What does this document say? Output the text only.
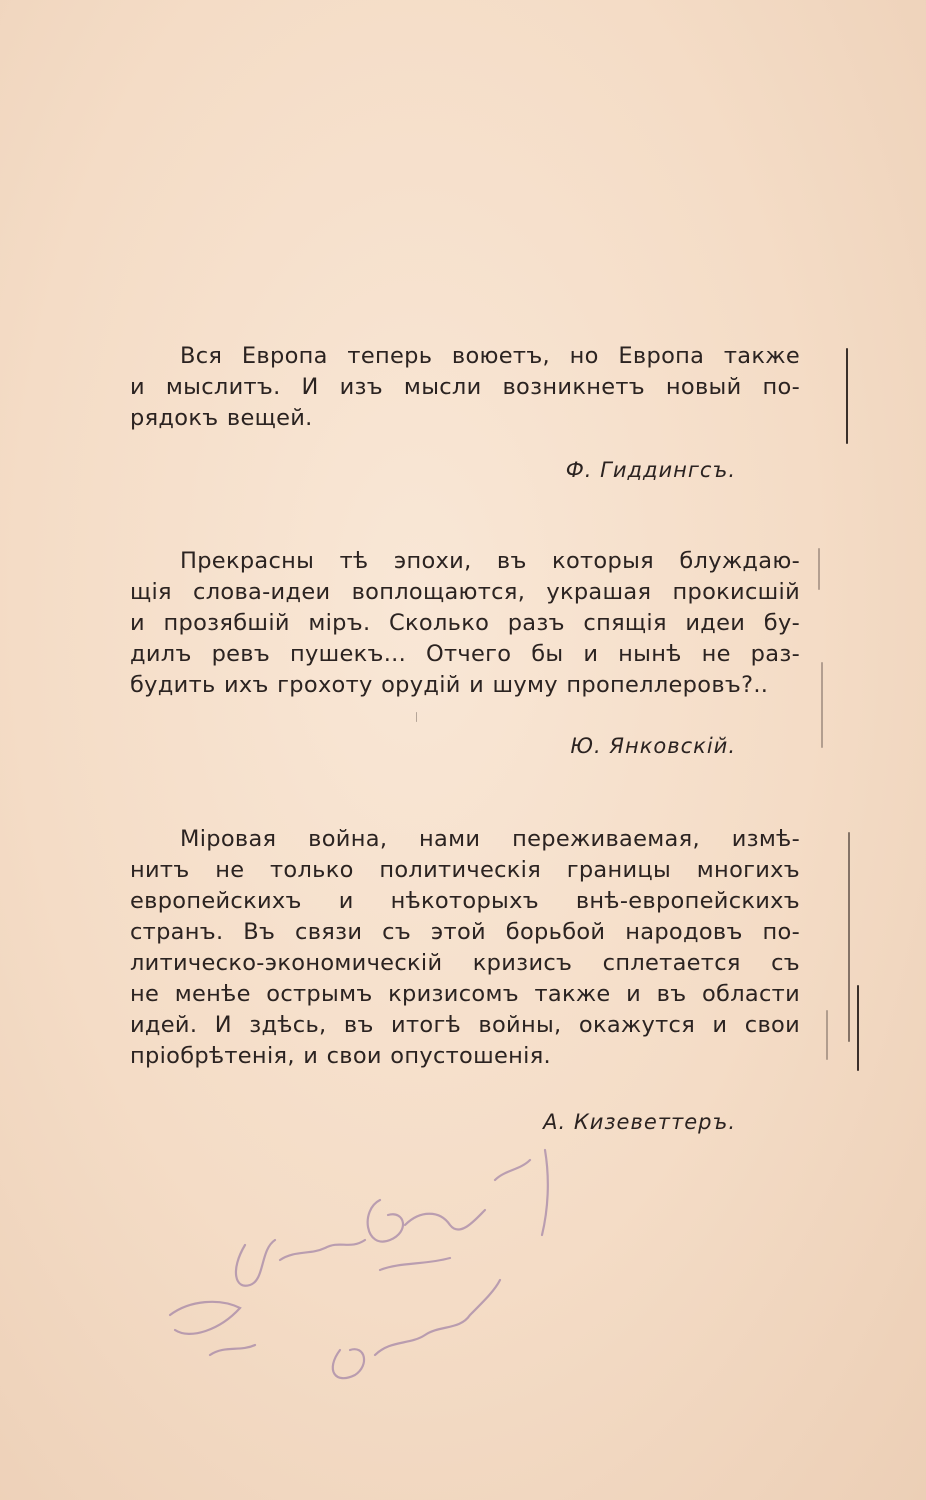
Вся Европа теперь воюетъ, но Европа также
и мыслитъ. И изъ мысли возникнетъ новый по-
рядокъ вещей.

Ф. Гиддингсъ.

Прекрасны тѣ эпохи, въ которыя блуждаю-
щія слова-идеи воплощаются, украшая прокисшій
и прозябшій міръ. Сколько разъ спящія идеи бу-
дилъ ревъ пушекъ... Отчего бы и нынѣ не раз-
будить ихъ грохоту орудій и шуму пропеллеровъ?..

Ю. Янковскій.

Міровая война, нами переживаемая, измѣ-
нитъ не только политическія границы многихъ
европейскихъ и нѣкоторыхъ внѣ-европейскихъ
странъ. Въ связи съ этой борьбой народовъ по-
литическо-экономическій кризисъ сплетается съ
не менѣе острымъ кризисомъ также и въ области
идей. И здѣсь, въ итогѣ войны, окажутся и свои
пріобрѣтенія, и свои опустошенія.

А. Кизеветтеръ.
